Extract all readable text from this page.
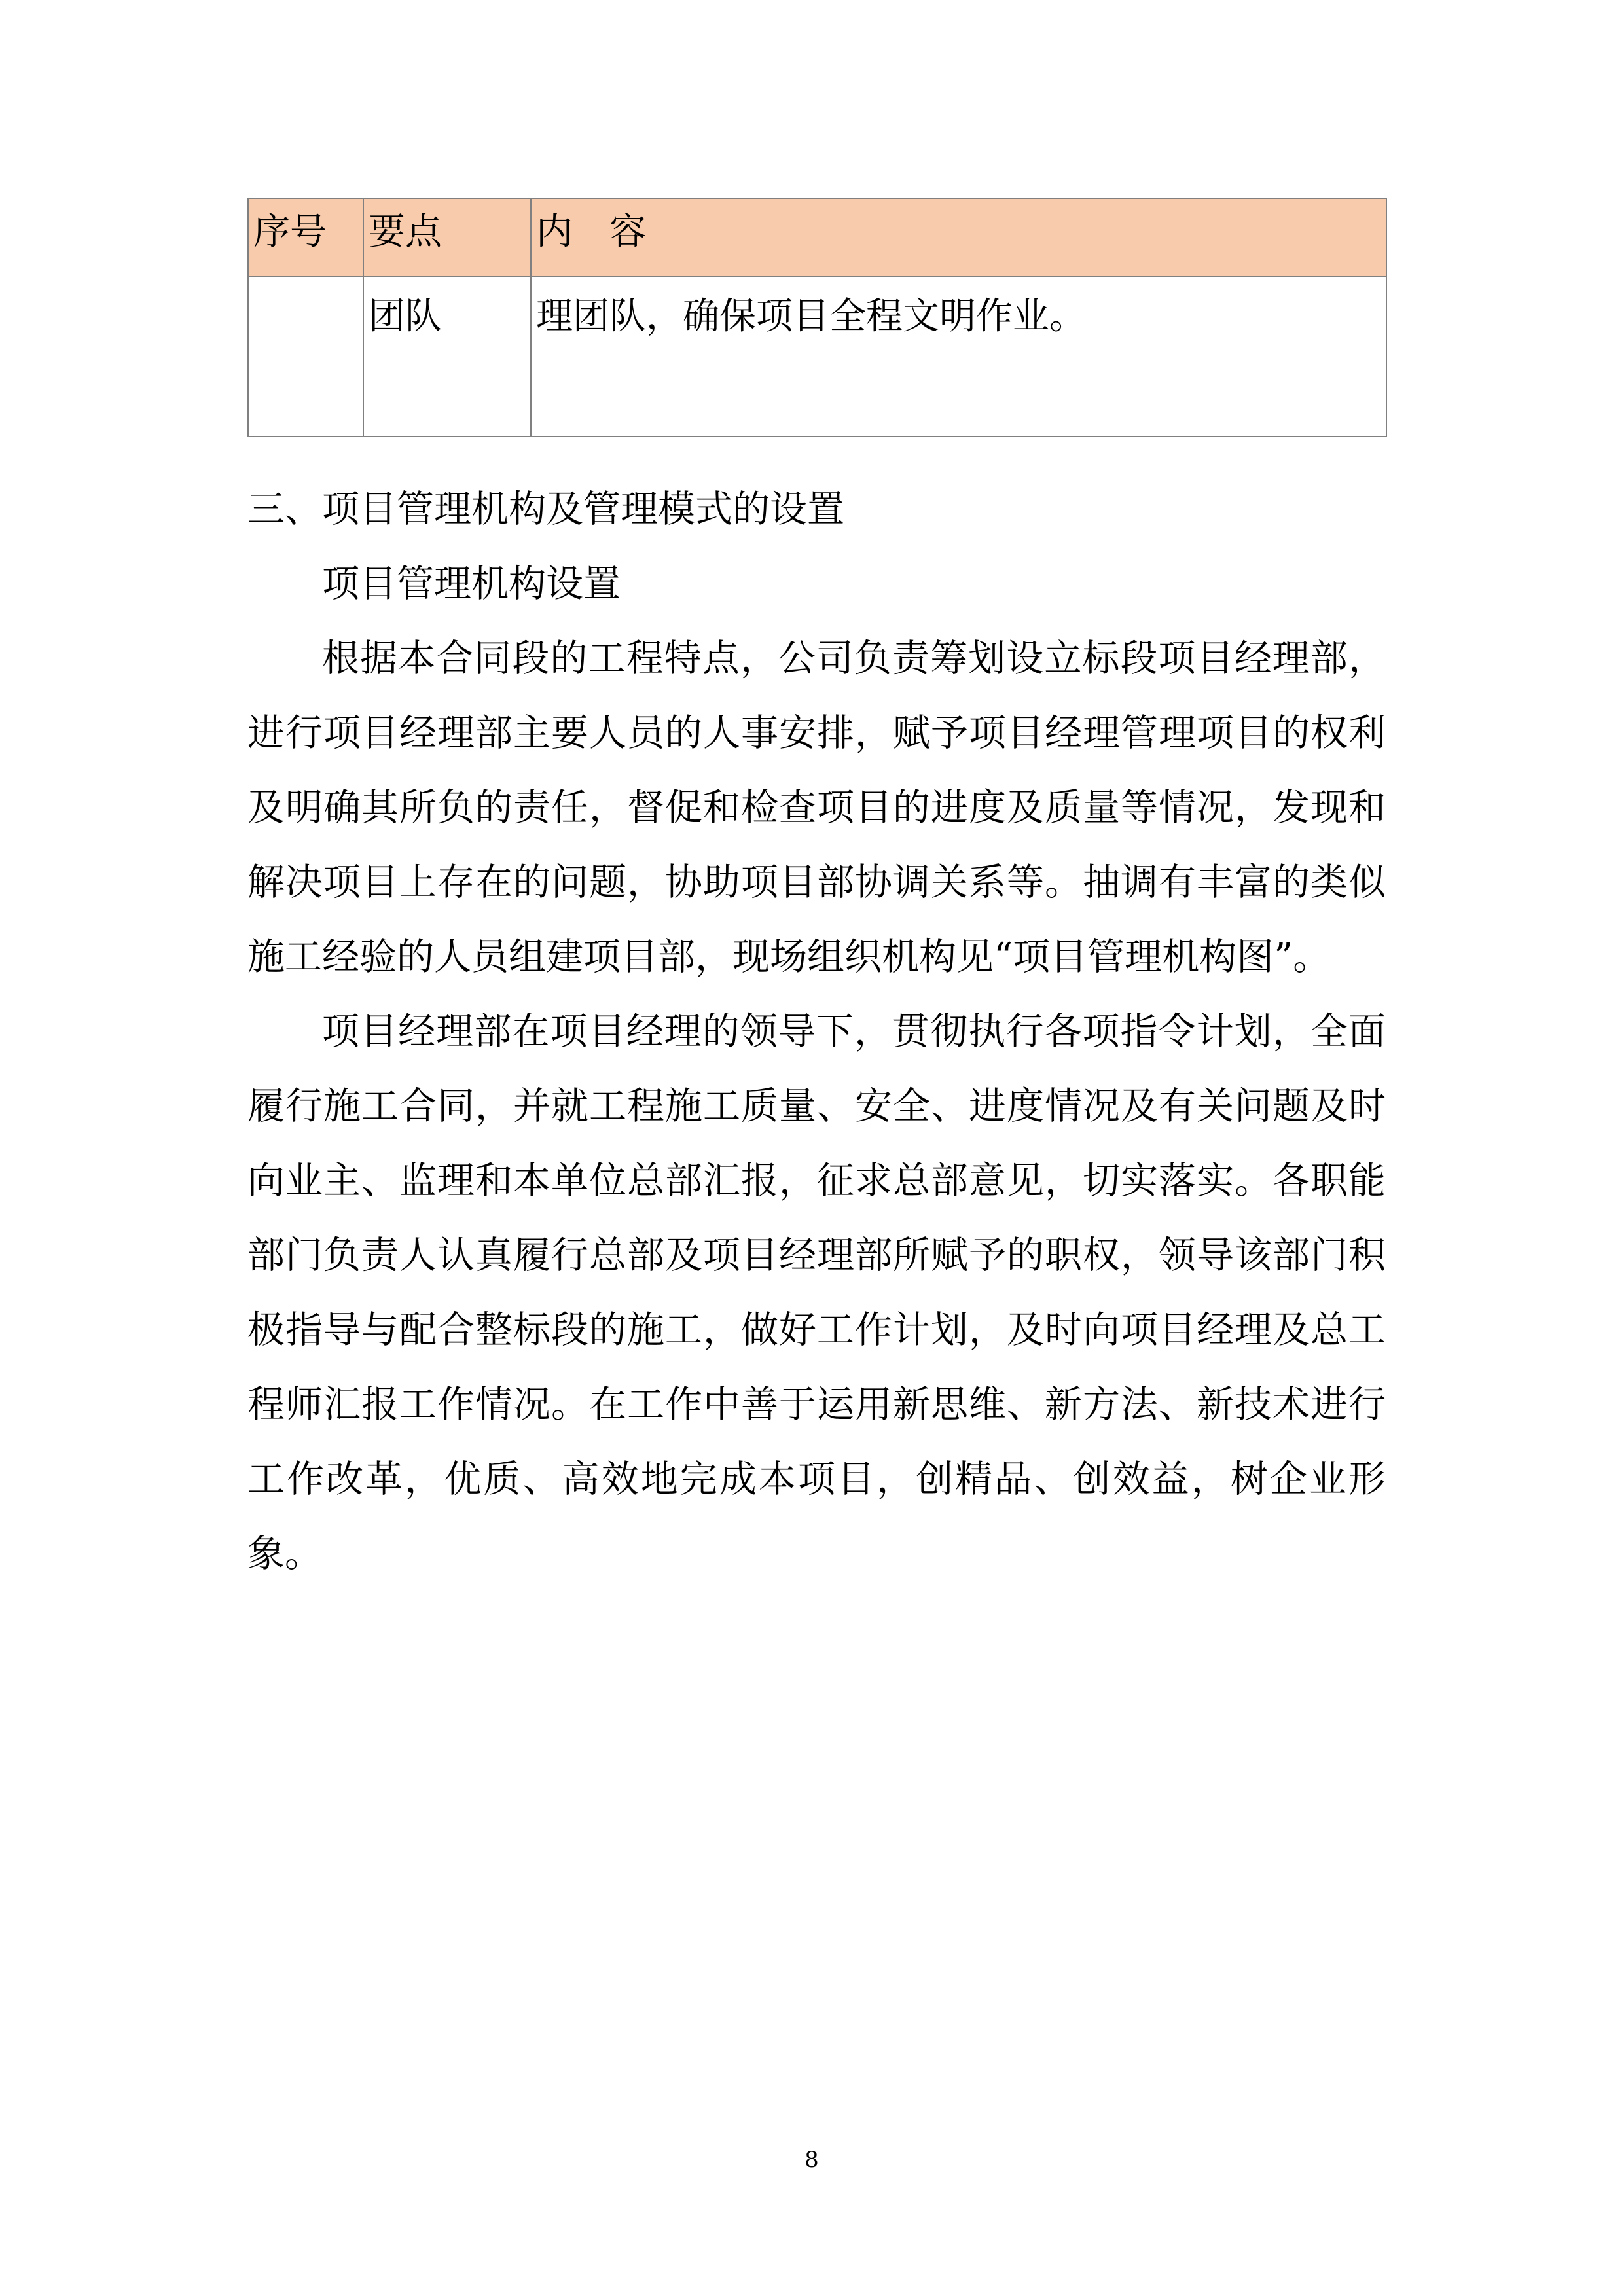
序号	要点	内　容
	团队	理团队，确保项目全程文明作业。

三、项目管理机构及管理模式的设置

项目管理机构设置

根据本合同段的工程特点，公司负责筹划设立标段项目经理部，进行项目经理部主要人员的人事安排，赋予项目经理管理项目的权利及明确其所负的责任，督促和检查项目的进度及质量等情况，发现和解决项目上存在的问题，协助项目部协调关系等。抽调有丰富的类似施工经验的人员组建项目部，现场组织机构见“项目管理机构图”。

项目经理部在项目经理的领导下，贯彻执行各项指令计划，全面履行施工合同，并就工程施工质量、安全、进度情况及有关问题及时向业主、监理和本单位总部汇报，征求总部意见，切实落实。各职能部门负责人认真履行总部及项目经理部所赋予的职权，领导该部门积极指导与配合整标段的施工，做好工作计划，及时向项目经理及总工程师汇报工作情况。在工作中善于运用新思维、新方法、新技术进行工作改革，优质、高效地完成本项目，创精品、创效益，树企业形象。

8
